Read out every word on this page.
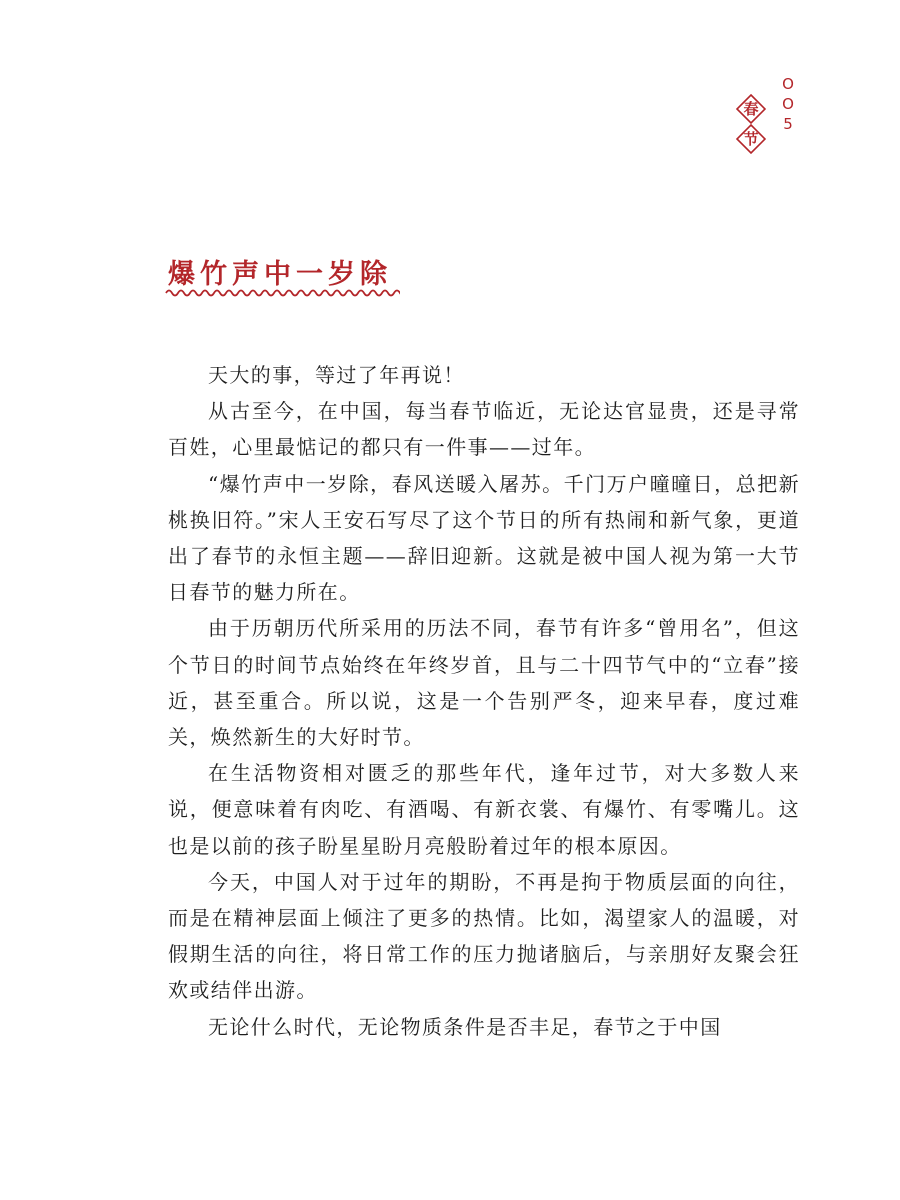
春
节
O
O
5
爆竹声中一岁除

天大的事，等过了年再说！

从古至今，在中国，每当春节临近，无论达官显贵，还是寻常百姓，心里最惦记的都只有一件事——过年。

“爆竹声中一岁除，春风送暖入屠苏。千门万户曈曈日，总把新桃换旧符。”宋人王安石写尽了这个节日的所有热闹和新气象，更道出了春节的永恒主题——辞旧迎新。这就是被中国人视为第一大节日春节的魅力所在。

由于历朝历代所采用的历法不同，春节有许多“曾用名”，但这个节日的时间节点始终在年终岁首，且与二十四节气中的“立春”接近，甚至重合。所以说，这是一个告别严冬，迎来早春，度过难关，焕然新生的大好时节。

在生活物资相对匮乏的那些年代，逢年过节，对大多数人来说，便意味着有肉吃、有酒喝、有新衣裳、有爆竹、有零嘴儿。这也是以前的孩子盼星星盼月亮般盼着过年的根本原因。

今天，中国人对于过年的期盼，不再是拘于物质层面的向往，而是在精神层面上倾注了更多的热情。比如，渴望家人的温暖，对假期生活的向往，将日常工作的压力抛诸脑后，与亲朋好友聚会狂欢或结伴出游。

无论什么时代，无论物质条件是否丰足，春节之于中国
